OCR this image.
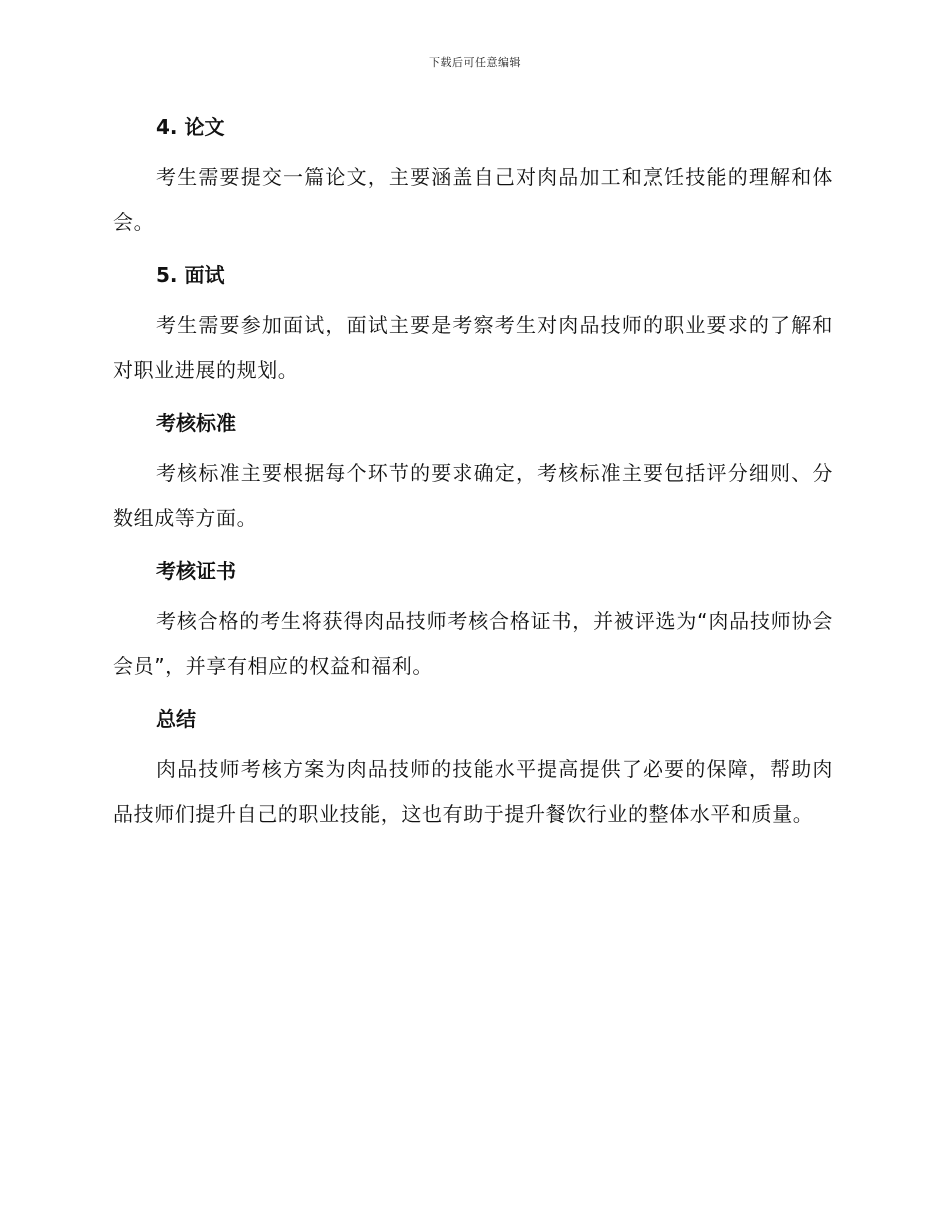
下载后可任意编辑
4. 论文

考生需要提交一篇论文，主要涵盖自己对肉品加工和烹饪技能的理解和体会。

5. 面试

考生需要参加面试，面试主要是考察考生对肉品技师的职业要求的了解和对职业进展的规划。

考核标准

考核标准主要根据每个环节的要求确定，考核标准主要包括评分细则、分数组成等方面。

考核证书

考核合格的考生将获得肉品技师考核合格证书，并被评选为“肉品技师协会会员”，并享有相应的权益和福利。

总结

肉品技师考核方案为肉品技师的技能水平提高提供了必要的保障，帮助肉品技师们提升自己的职业技能，这也有助于提升餐饮行业的整体水平和质量。
